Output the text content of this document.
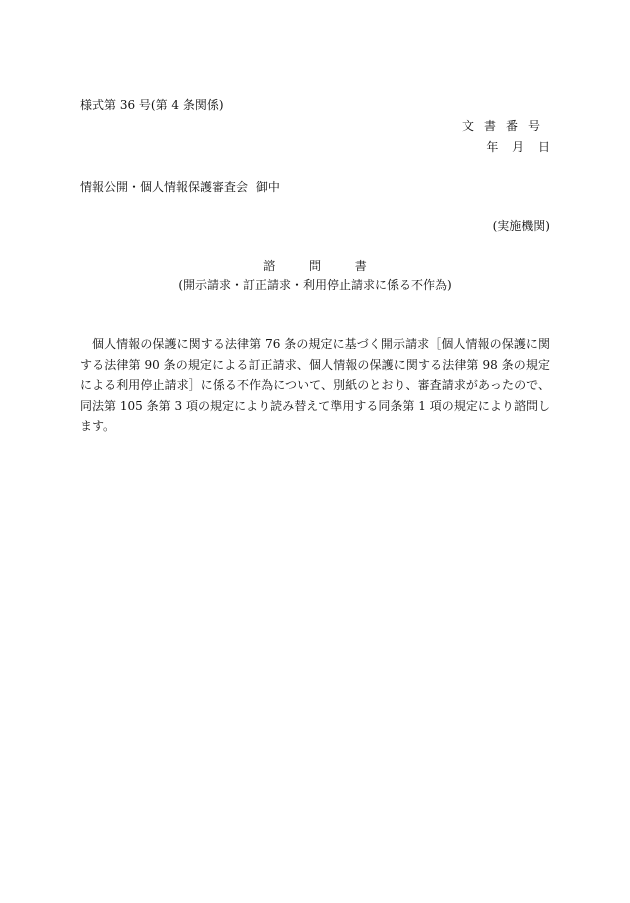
様式第 36 号(第 4 条関係)
文書番号
年 月 日
情報公開・個人情報保護審査会 御中
(実施機関)
諮 問 書
(開示請求・訂正請求・利用停止請求に係る不作為)

個人情報の保護に関する法律第 76 条の規定に基づく開示請求［個人情報の保護に関する法律第 90 条の規定による訂正請求、個人情報の保護に関する法律第 98 条の規定による利用停止請求］に係る不作為について、別紙のとおり、審査請求があったので、同法第 105 条第 3 項の規定により読み替えて準用する同条第 1 項の規定により諮問します。
